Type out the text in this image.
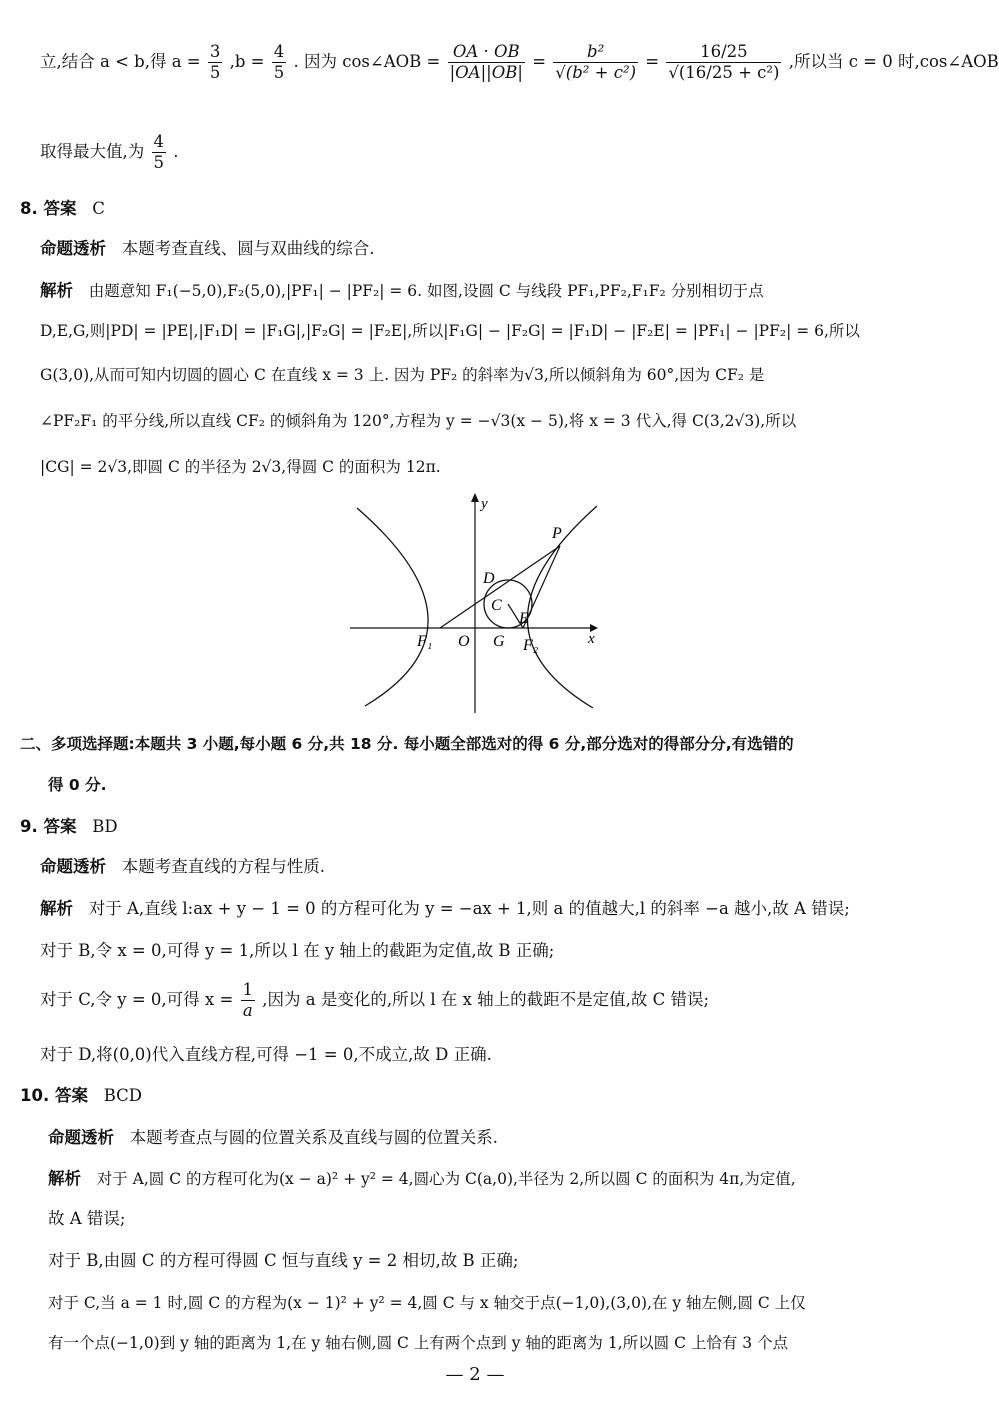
立,结合 a < b,得 $a = \frac{3}{5} ,b = \frac{4}{5}$ . 因为 cos∠AOB = $\frac{OA \cdot OB}{|OA||OB|} = \frac{\text{b²}}{\text{√(b² + c²)}} = \frac{16/25}{\text{√(16/25 + c²)}}$ ,所以当 c = 0 时,cos∠AOB
取得最大值,为 $\frac{4}{5}$ .
8. 答案 C
命题透析 本题考查直线、圆与双曲线的综合.
解析 由题意知 F₁(−5,0),F₂(5,0),|PF₁| − |PF₂| = 6. 如图,设圆 C 与线段 PF₁,PF₂,F₁F₂ 分别相切于点
D,E,G,则|PD| = |PE|,|F₁D| = |F₁G|,|F₂G| = |F₂E|,所以|F₁G| − |F₂G| = |F₁D| − |F₂E| = |PF₁| − |PF₂| = 6,所以
G(3,0),从而可知内切圆的圆心 C 在直线 x = 3 上. 因为 PF₂ 的斜率为√3,所以倾斜角为 60°,因为 CF₂ 是
∠PF₂F₁ 的平分线,所以直线 CF₂ 的倾斜角为 120°,方程为 y = −√3(x − 5),将 x = 3 代入,得 C(3,2√3),所以
|CG| = 2√3,即圆 C 的半径为 2√3,得圆 C 的面积为 12π.
y
x
P
D
C
E
F₁ O G F₂
二、多项选择题:本题共 3 小题,每小题 6 分,共 18 分. 每小题全部选对的得 6 分,部分选对的得部分分,有选错的
得 0 分.
9. 答案 BD
命题透析 本题考查直线的方程与性质.
解析 对于 A,直线 l:ax + y − 1 = 0 的方程可化为 y = −ax + 1,则 a 的值越大,l 的斜率 −a 越小,故 A 错误;
对于 B,令 x = 0,可得 y = 1,所以 l 在 y 轴上的截距为定值,故 B 正确;
对于 C,令 y = 0,可得 $x = \frac{1}{a}$ ,因为 a 是变化的,所以 l 在 x 轴上的截距不是定值,故 C 错误;
对于 D,将(0,0)代入直线方程,可得 −1 = 0,不成立,故 D 正确.
10. 答案 BCD
命题透析 本题考查点与圆的位置关系及直线与圆的位置关系.
解析 对于 A,圆 C 的方程可化为(x − a)² + y² = 4,圆心为 C(a,0),半径为 2,所以圆 C 的面积为 4π,为定值,
故 A 错误;
对于 B,由圆 C 的方程可得圆 C 恒与直线 y = 2 相切,故 B 正确;
对于 C,当 a = 1 时,圆 C 的方程为(x − 1)² + y² = 4,圆 C 与 x 轴交于点(−1,0),(3,0),在 y 轴左侧,圆 C 上仅
有一个点(−1,0)到 y 轴的距离为 1,在 y 轴右侧,圆 C 上有两个点到 y 轴的距离为 1,所以圆 C 上恰有 3 个点
— 2 —
